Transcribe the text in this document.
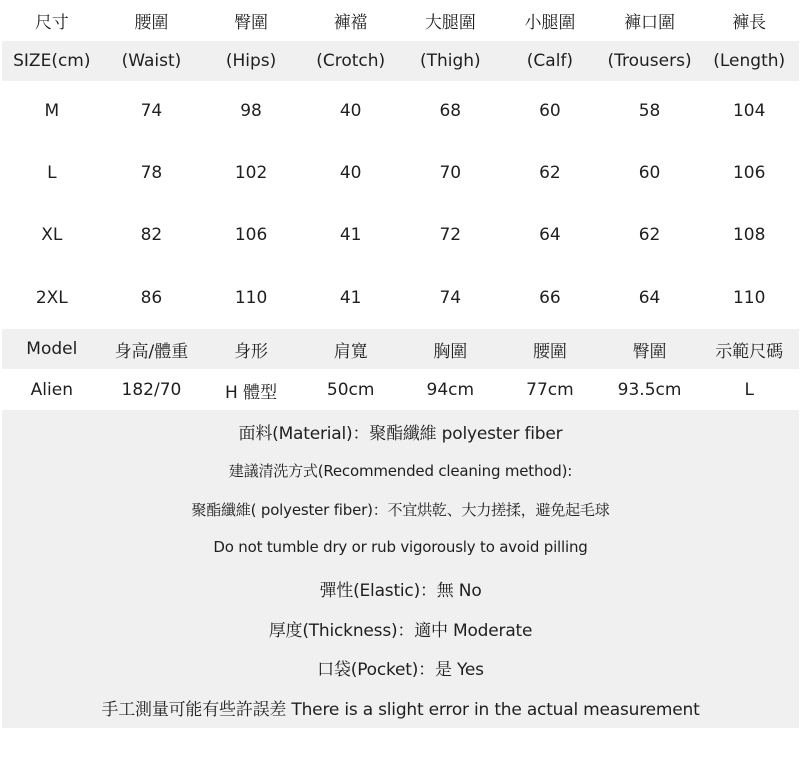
尺寸	腰圍	臀圍	褲襠	大腿圍	小腿圍	褲口圍	褲長
SIZE(cm)	(Waist)	(Hips)	(Crotch)	(Thigh)	(Calf)	(Trousers)	(Length)
M	74	98	40	68	60	58	104
L	78	102	40	70	62	60	106
XL	82	106	41	72	64	62	108
2XL	86	110	41	74	66	64	110
Model	身高/體重	身形	肩寬	胸圍	腰圍	臀圍	示範尺碼
Alien	182/70	H 體型	50cm	94cm	77cm	93.5cm	L
面料(Material)：聚酯纖維 polyester fiber
建議清洗方式(Recommended cleaning method):
聚酯纖維( polyester fiber)：不宜烘乾、大力搓揉，避免起毛球
Do not tumble dry or rub vigorously to avoid pilling
彈性(Elastic)：無 No
厚度(Thickness)：適中 Moderate
口袋(Pocket)：是 Yes
手工測量可能有些許誤差 There is a slight error in the actual measurement
